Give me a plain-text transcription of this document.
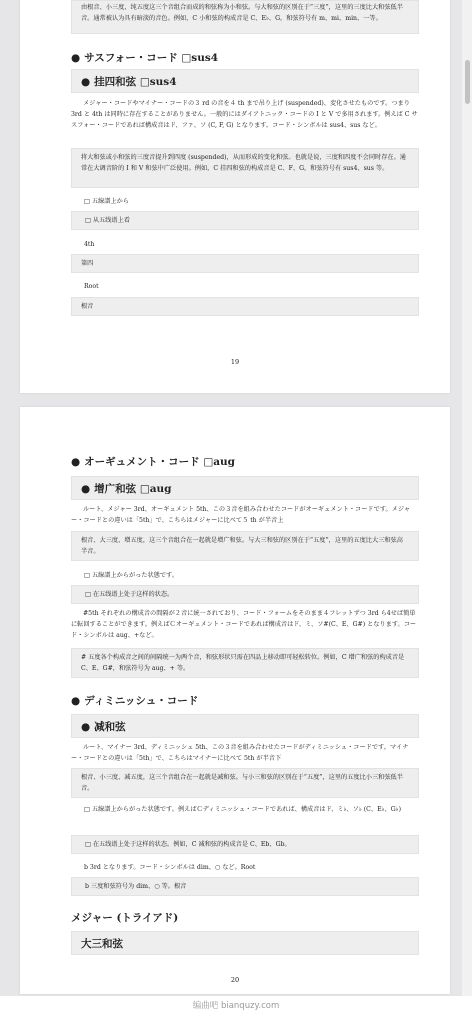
由根音、小三度、纯五度这三个音组合而成的和弦称为小和弦。与大和弦的区别在于“三度”，这里的三度比大和弦低半音。通常被认为具有暗淡的音色。例如，C 小和弦的构成音是 C、E♭、G，和弦符号有 m、mi、min、一等。

● サスフォー・コード □sus4
● 挂四和弦 □sus4

メジャー・コードやマイナー・コードの３ rd の音を４ th まで吊り上げ (suspended)、変化させたものです。つまり 3rd と 4th は同時に存在することがありません。一般的にはダイアトニック・コードの I と V で多用されます。例えば C サスフォー・コードであれば構成音はド、ファ、ソ (C, F, G) となります。コード・シンボルは sus4、sus など。

将大和弦或小和弦的三度音提升到四度 (suspended)，从而形成的变化和弦。也就是说，三度和四度不会同时存在。通常在大调音阶的 I 和 V 和弦中广泛使用。例如，C 挂四和弦的构成音是 C、F、G，和弦符号有 sus4、sus 等。

□ 五線譜上から
□ 从五线谱上看
4th
第四
Root
根音
19
● オーギュメント・コード □aug
● 增广和弦 □aug

ルート、メジャー 3rd、オーギュメント 5th、この３音を組み合わせたコードがオーギュメント・コードです。メジャー・コードとの違いは「5th」で、こちらはメジャーに比べて５ th が半音上

根音、大三度、增五度，这三个音组合在一起就是增广和弦。与大三和弦的区别在于“五度”，这里的五度比大三和弦高半音。

□ 五線譜上からがった状態です。
□ 在五线谱上处于这样的状态。

#5th それぞれの構成音の間隔が２音に統一されており、コード・フォームをそのまま４フレットずつ 3rd ら4せば簡単に転回することができます。例えばＣオーギュメント・コードであれば構成音はド、ミ、ソ#(C、E、G#) となります。コード・シンボルは aug、+など。

# 五度各个构成音之间的间隔统一为两个音，和弦形状只需在四品上移动即可轻松转位。例如，C 增广和弦的构成音是 C、E、G#，和弦符号为 aug、+ 等。

● ディミニッシュ・コード
● 减和弦

ルート、マイナー 3rd、ディミニッシュ 5th、この３音を組み合わせたコードがディミニッシュ・コードです。マイナー・コードとの違いは「5th」で、こちらはマイナーに比べて 5th が半音下

根音、小三度、减五度，这三个音组合在一起就是减和弦。与小三和弦的区别在于“五度”，这里的五度比小三和弦低半音。

□ 五線譜上からがった状態です。例えばＣディミニッシュ・コードであれば、構成音はド、ミ♭、ソ♭ (C、E♭、G♭)
□ 在五线谱上处于这样的状态。例如，C 减和弦的构成音是 C、Eb、Gb。
b 3rd となります。コード・シンボルは dim、○ など。Root
b 三度和弦符号为 dim、○ 等。根音
メジャー (トライアド)
大三和弦
20
编曲吧 bianquzy.com
